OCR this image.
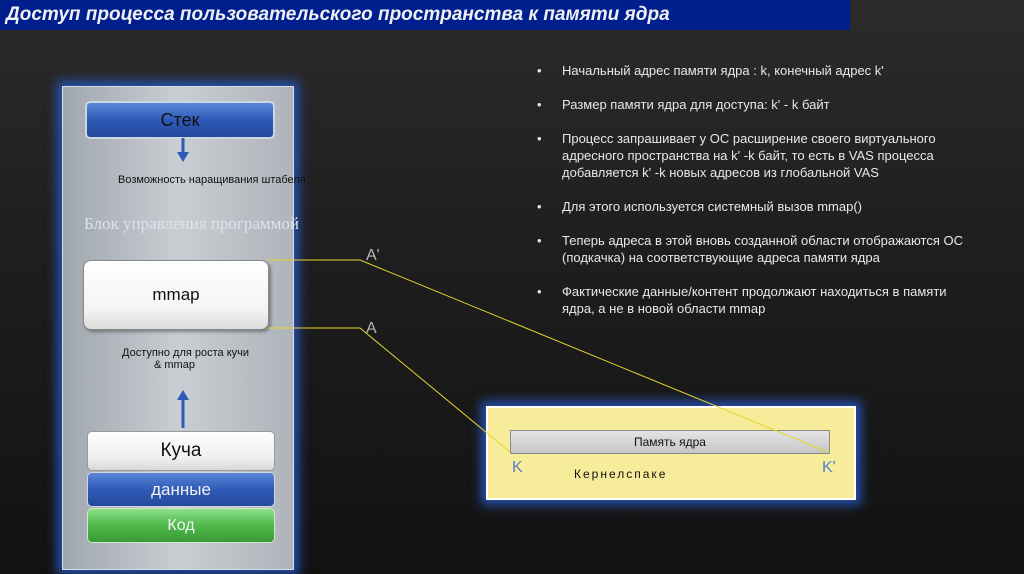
Доступ процесса пользовательского пространства к памяти ядра
Стек
Возможность наращивания штабеля
Блок управления программой
mmap
Доступно для роста кучи
& mmap
Куча
данные
Код
Память ядра
K	K'
Кернелспаке
A'
A
• Начальный адрес памяти ядра : k, конечный адрес k'
• Размер памяти ядра для доступа: k' - k байт
• Процесс запрашивает у ОС расширение своего виртуального адресного пространства на k' -k байт, то есть в VAS процесса добавляется k' -k новых адресов из глобальной VAS
• Для этого используется системный вызов mmap()
• Теперь адреса в этой вновь созданной области отображаются ОС (подкачка) на соответствующие адреса памяти ядра
• Фактические данные/контент продолжают находиться в памяти ядра, а не в новой области mmap
